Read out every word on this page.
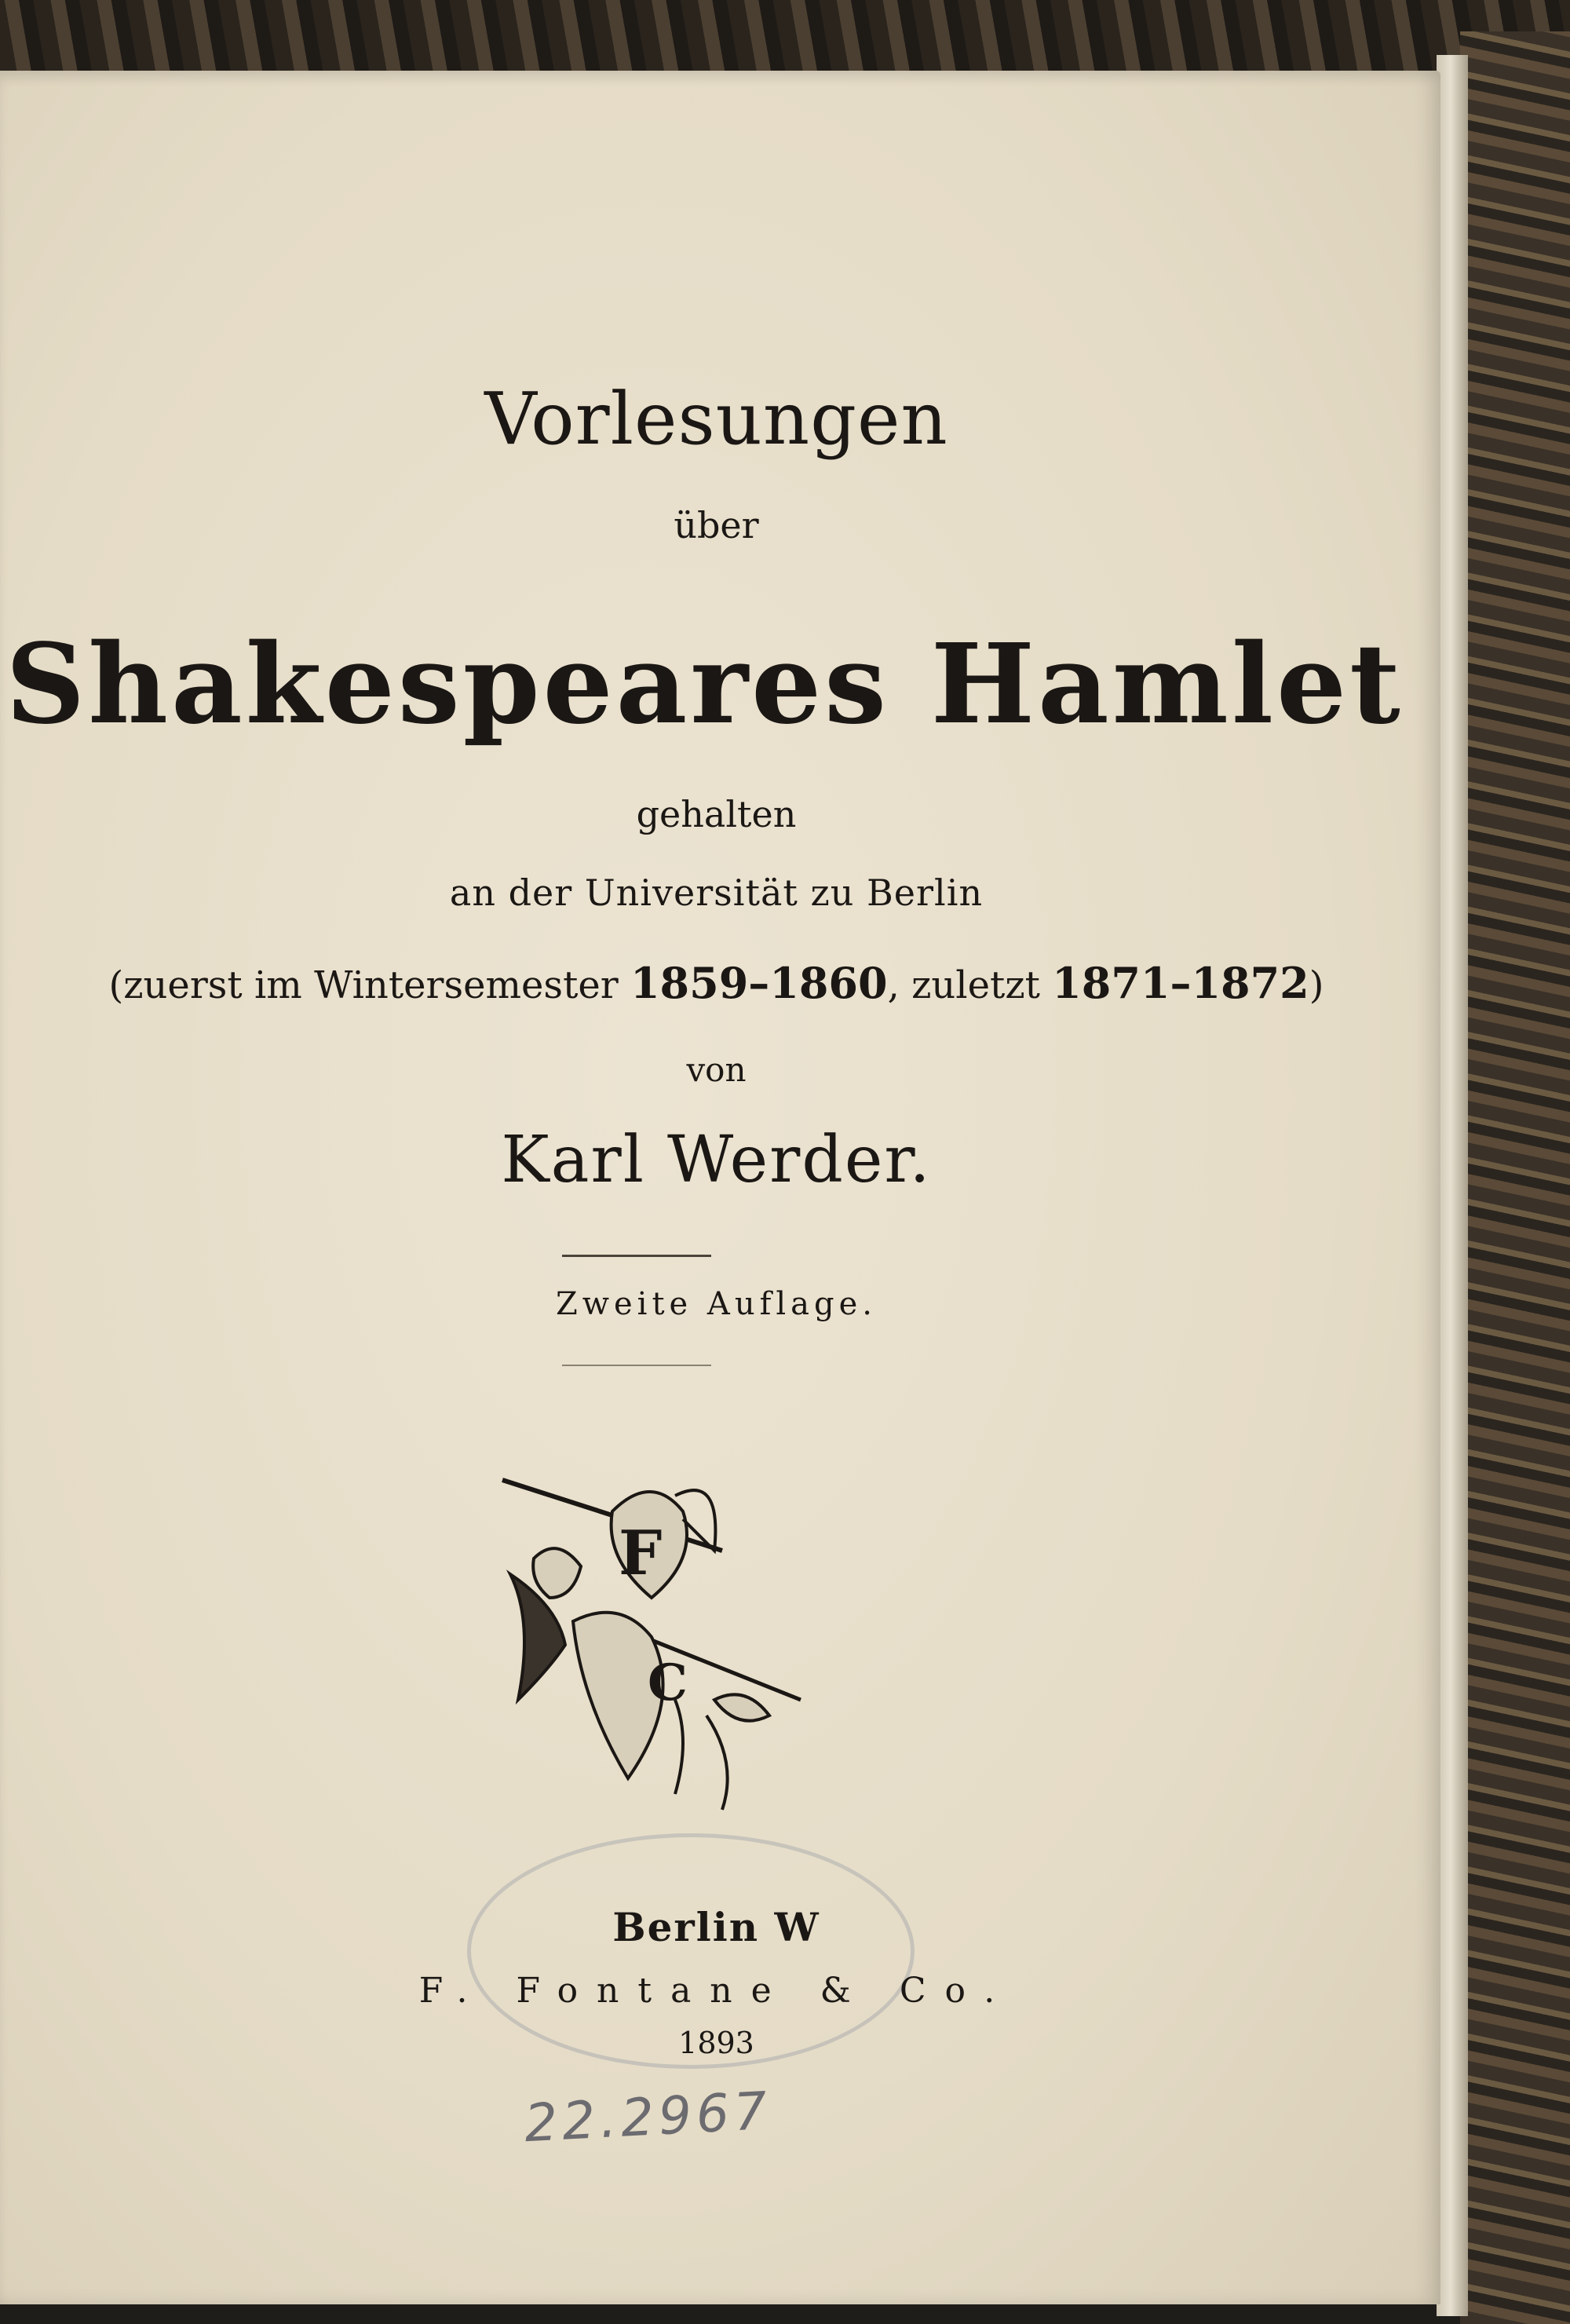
Vorlesungen

über

Shakespeares Hamlet

gehalten

an der Universität zu Berlin

(zuerst im Wintersemester 1859–1860, zuletzt 1871–1872)

von

Karl Werder.

Zweite Auflage.

F
C

Berlin W

F. Fontane & Co.

1893

22.2967
